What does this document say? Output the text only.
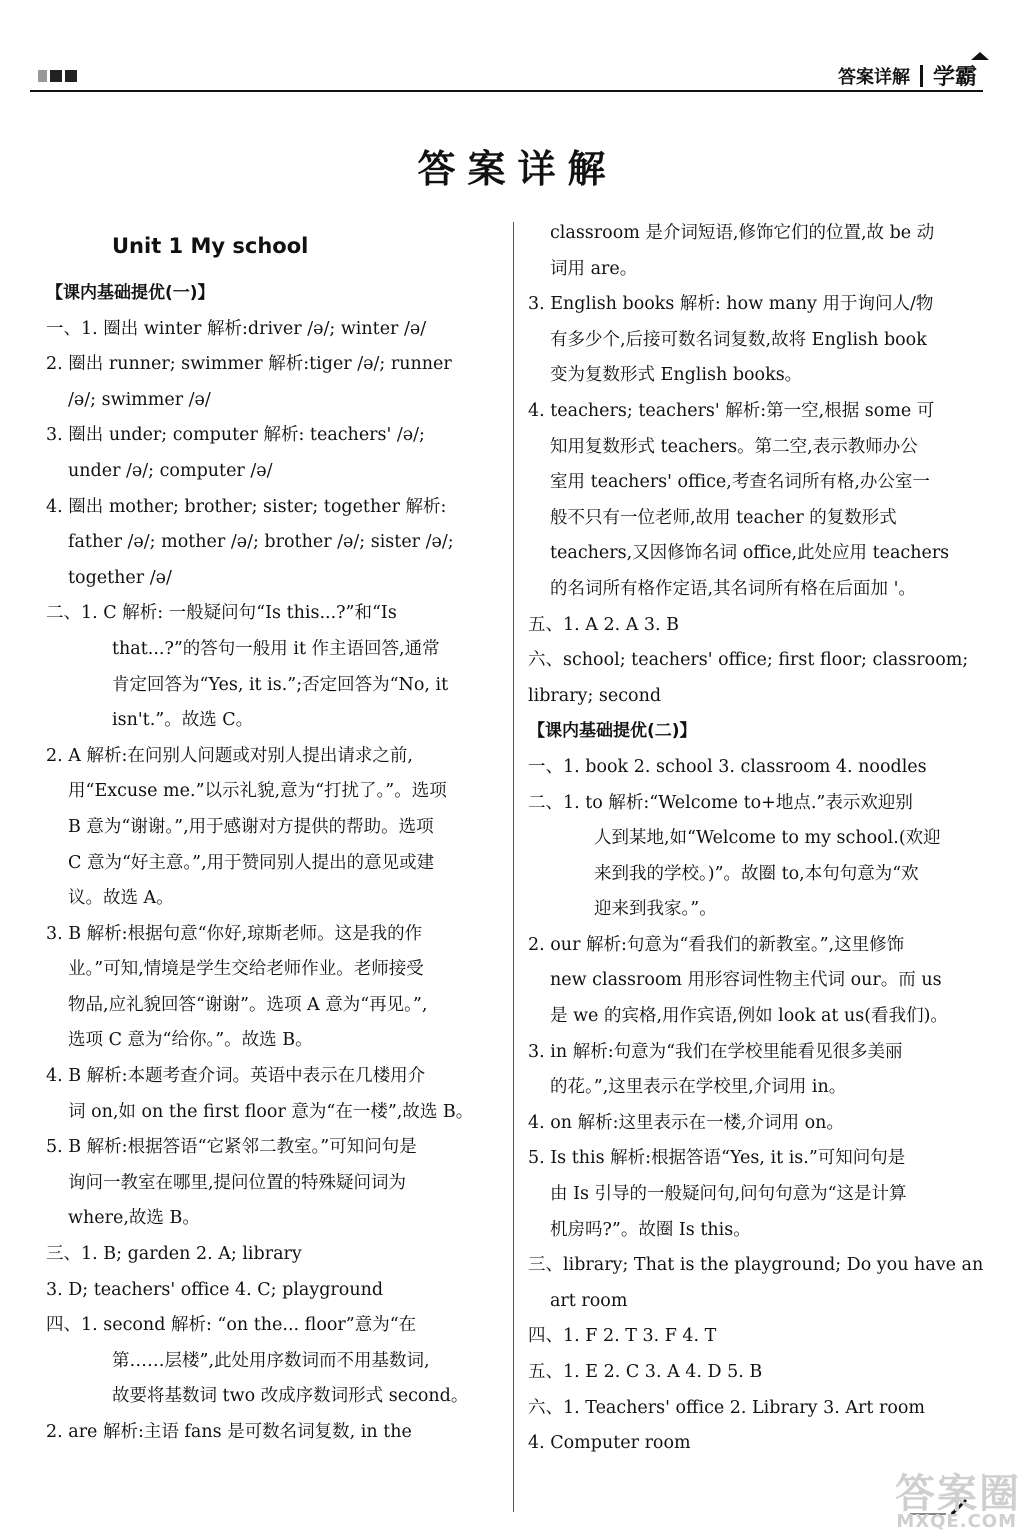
答案详解 学霸
答案详解
Unit 1 My school
【课内基础提优(一)】
一、1. 圈出 winter 解析:driver /ə/; winter /ə/
2. 圈出 runner; swimmer 解析:tiger /ə/; runner
/ə/; swimmer /ə/
3. 圈出 under; computer 解析: teachers' /ə/;
under /ə/; computer /ə/
4. 圈出 mother; brother; sister; together 解析:
father /ə/; mother /ə/; brother /ə/; sister /ə/;
together /ə/
二、1. C 解析: 一般疑问句“Is this...?”和“Is
that...?”的答句一般用 it 作主语回答,通常
肯定回答为“Yes, it is.”;否定回答为“No, it
isn't.”。故选 C。
2. A 解析:在问别人问题或对别人提出请求之前,
用“Excuse me.”以示礼貌,意为“打扰了。”。选项
B 意为“谢谢。”,用于感谢对方提供的帮助。选项
C 意为“好主意。”,用于赞同别人提出的意见或建
议。故选 A。
3. B 解析:根据句意“你好,琼斯老师。这是我的作
业。”可知,情境是学生交给老师作业。老师接受
物品,应礼貌回答“谢谢”。选项 A 意为“再见。”,
选项 C 意为“给你。”。故选 B。
4. B 解析:本题考查介词。英语中表示在几楼用介
词 on,如 on the first floor 意为“在一楼”,故选 B。
5. B 解析:根据答语“它紧邻二教室。”可知问句是
询问一教室在哪里,提问位置的特殊疑问词为
where,故选 B。
三、1. B; garden 2. A; library
3. D; teachers' office 4. C; playground
四、1. second 解析: “on the... floor”意为“在
第……层楼”,此处用序数词而不用基数词,
故要将基数词 two 改成序数词形式 second。
2. are 解析:主语 fans 是可数名词复数, in the
classroom 是介词短语,修饰它们的位置,故 be 动
词用 are。
3. English books 解析: how many 用于询问人/物
有多少个,后接可数名词复数,故将 English book
变为复数形式 English books。
4. teachers; teachers' 解析:第一空,根据 some 可
知用复数形式 teachers。第二空,表示教师办公
室用 teachers' office,考查名词所有格,办公室一
般不只有一位老师,故用 teacher 的复数形式
teachers,又因修饰名词 office,此处应用 teachers
的名词所有格作定语,其名词所有格在后面加 '。
五、1. A 2. A 3. B
六、school; teachers' office; first floor; classroom;
library; second
【课内基础提优(二)】
一、1. book 2. school 3. classroom 4. noodles
二、1. to 解析:“Welcome to+地点.”表示欢迎别
人到某地,如“Welcome to my school.(欢迎
来到我的学校。)”。故圈 to,本句句意为“欢
迎来到我家。”。
2. our 解析:句意为“看我们的新教室。”,这里修饰
new classroom 用形容词性物主代词 our。而 us
是 we 的宾格,用作宾语,例如 look at us(看我们)。
3. in 解析:句意为“我们在学校里能看见很多美丽
的花。”,这里表示在学校里,介词用 in。
4. on 解析:这里表示在一楼,介词用 on。
5. Is this 解析:根据答语“Yes, it is.”可知问句是
由 Is 引导的一般疑问句,问句句意为“这是计算
机房吗?”。故圈 Is this。
三、library; That is the playground; Do you have an
art room
四、1. F 2. T 3. F 4. T
五、1. E 2. C 3. A 4. D 5. B
六、1. Teachers' office 2. Library 3. Art room
4. Computer room
答案圈
MXQE.COM
